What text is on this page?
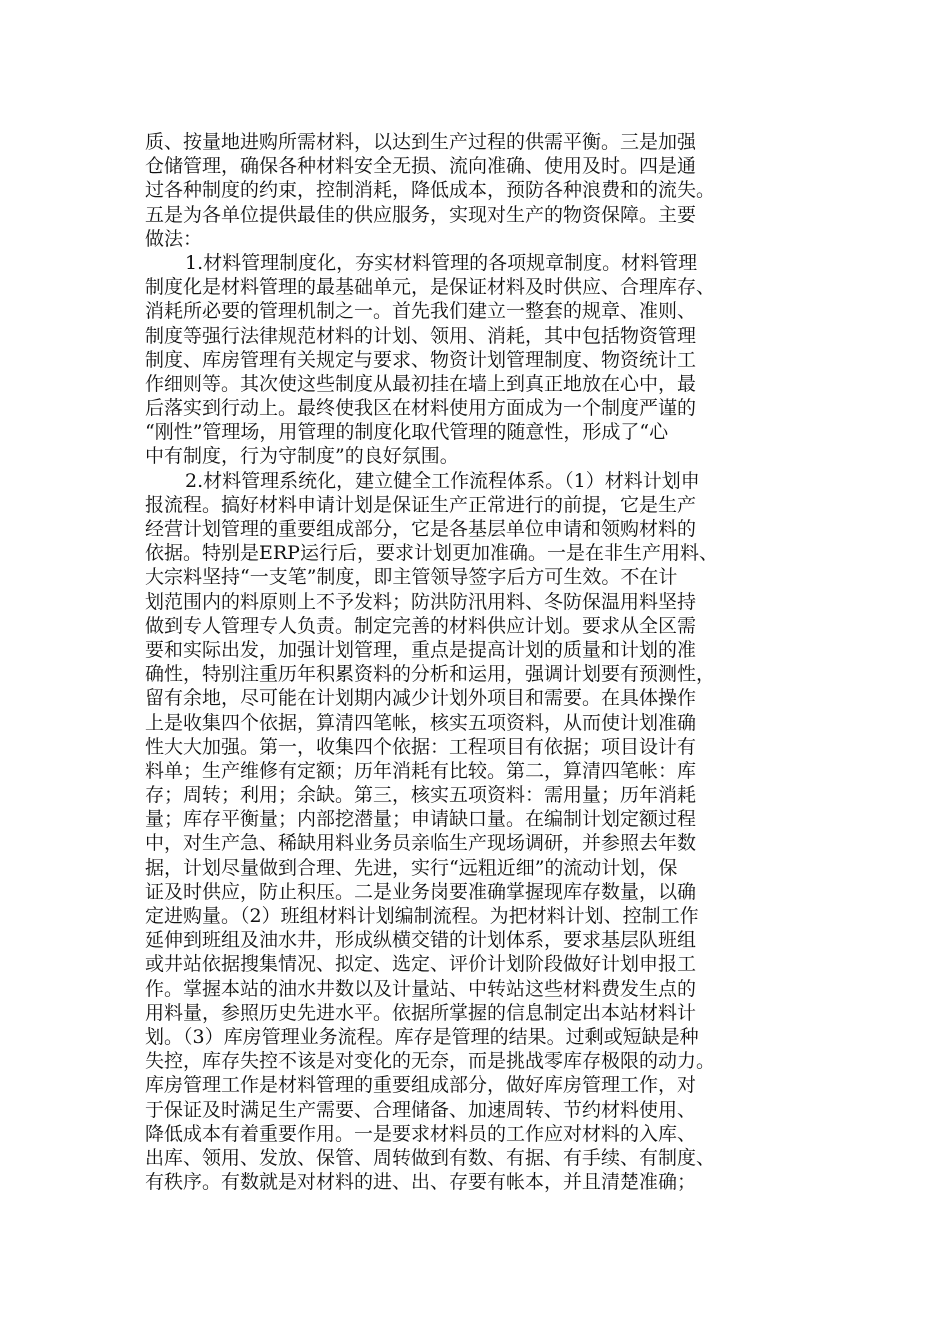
质、按量地进购所需材料，以达到生产过程的供需平衡。三是加强
仓储管理，确保各种材料安全无损、流向准确、使用及时。四是通
过各种制度的约束，控制消耗，降低成本，预防各种浪费和的流失。
五是为各单位提供最佳的供应服务，实现对生产的物资保障。主要
做法：
1.材料管理制度化，夯实材料管理的各项规章制度。材料管理
制度化是材料管理的最基础单元，是保证材料及时供应、合理库存、
消耗所必要的管理机制之一。首先我们建立一整套的规章、准则、
制度等强行法律规范材料的计划、领用、消耗，其中包括物资管理
制度、库房管理有关规定与要求、物资计划管理制度、物资统计工
作细则等。其次使这些制度从最初挂在墙上到真正地放在心中，最
后落实到行动上。最终使我区在材料使用方面成为一个制度严谨的
“刚性”管理场，用管理的制度化取代管理的随意性，形成了“心
中有制度，行为守制度”的良好氛围。
2.材料管理系统化，建立健全工作流程体系。（1）材料计划申
报流程。搞好材料申请计划是保证生产正常进行的前提，它是生产
经营计划管理的重要组成部分，它是各基层单位申请和领购材料的
依据。特别是ERP运行后，要求计划更加准确。一是在非生产用料、
大宗料坚持“一支笔”制度，即主管领导签字后方可生效。不在计
划范围内的料原则上不予发料；防洪防汛用料、冬防保温用料坚持
做到专人管理专人负责。制定完善的材料供应计划。要求从全区需
要和实际出发，加强计划管理，重点是提高计划的质量和计划的准
确性，特别注重历年积累资料的分析和运用，强调计划要有预测性，
留有余地，尽可能在计划期内减少计划外项目和需要。在具体操作
上是收集四个依据，算清四笔帐，核实五项资料，从而使计划准确
性大大加强。第一，收集四个依据：工程项目有依据；项目设计有
料单；生产维修有定额；历年消耗有比较。第二，算清四笔帐：库
存；周转；利用；余缺。第三，核实五项资料：需用量；历年消耗
量；库存平衡量；内部挖潜量；申请缺口量。在编制计划定额过程
中，对生产急、稀缺用料业务员亲临生产现场调研，并参照去年数
据，计划尽量做到合理、先进，实行“远粗近细”的流动计划，保
证及时供应，防止积压。二是业务岗要准确掌握现库存数量，以确
定进购量。（2）班组材料计划编制流程。为把材料计划、控制工作
延伸到班组及油水井，形成纵横交错的计划体系，要求基层队班组
或井站依据搜集情况、拟定、选定、评价计划阶段做好计划申报工
作。掌握本站的油水井数以及计量站、中转站这些材料费发生点的
用料量，参照历史先进水平。依据所掌握的信息制定出本站材料计
划。（3）库房管理业务流程。库存是管理的结果。过剩或短缺是种
失控，库存失控不该是对变化的无奈，而是挑战零库存极限的动力。
库房管理工作是材料管理的重要组成部分，做好库房管理工作，对
于保证及时满足生产需要、合理储备、加速周转、节约材料使用、
降低成本有着重要作用。一是要求材料员的工作应对材料的入库、
出库、领用、发放、保管、周转做到有数、有据、有手续、有制度、
有秩序。有数就是对材料的进、出、存要有帐本，并且清楚准确；
